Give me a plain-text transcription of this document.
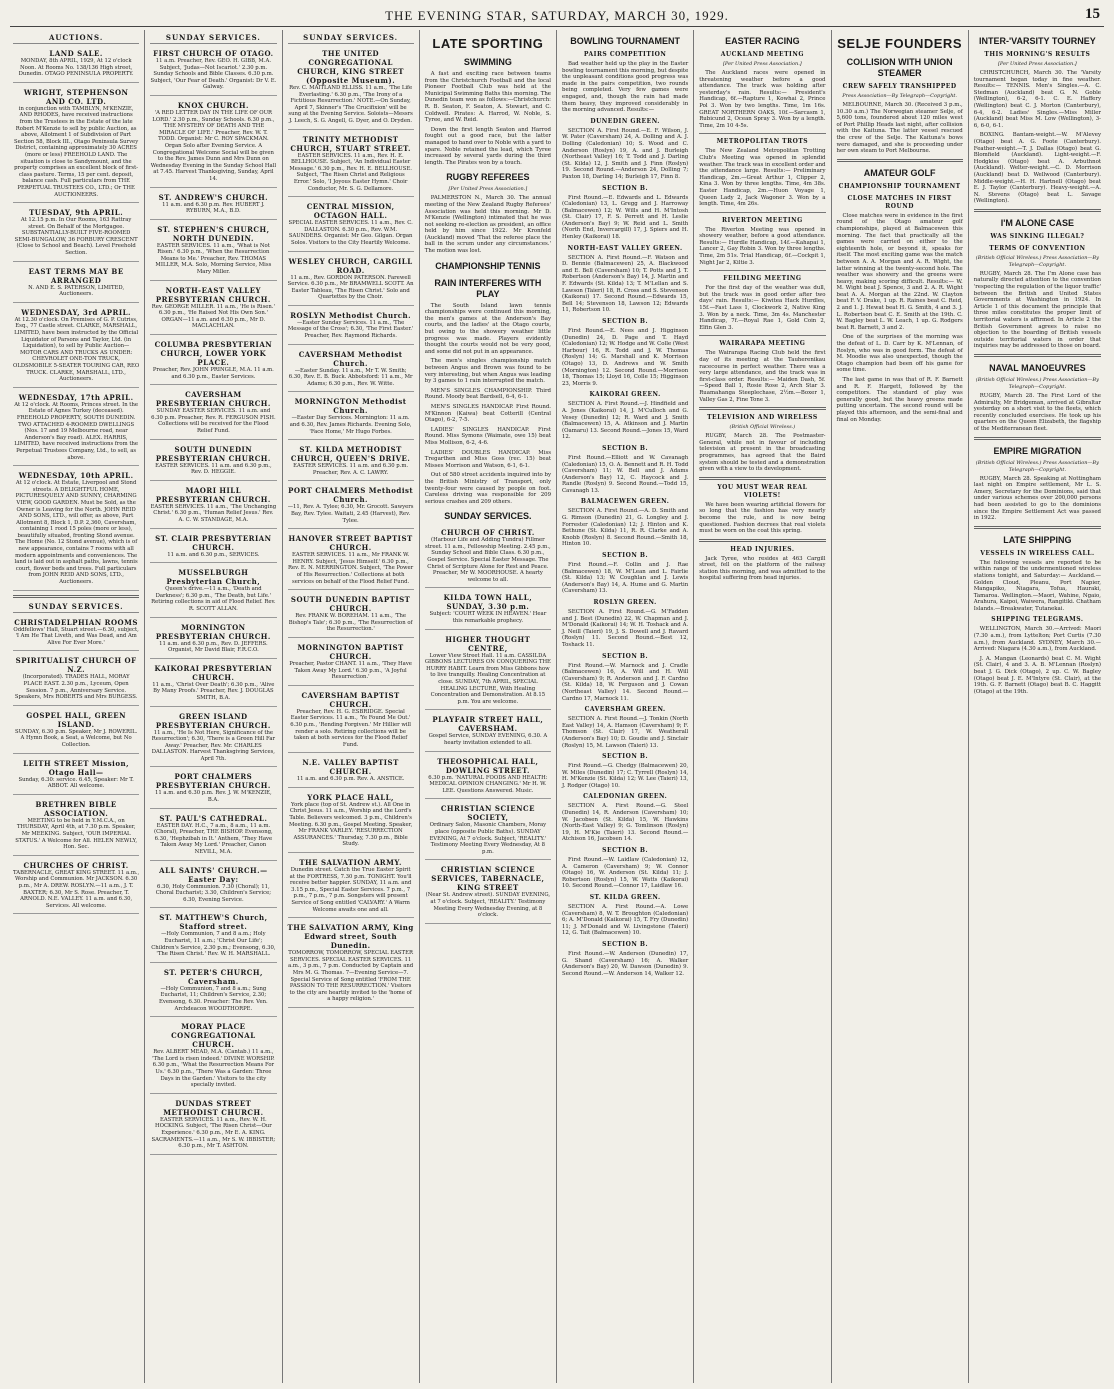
THE EVENING STAR, SATURDAY, MARCH 30, 1929.	15
AUCTIONS.
LAND SALE.
MONDAY, 8th APRIL, 1929, At 12 o'clock Noon. At Rooms No. 138/136 High street, Dunedin. OTAGO PENINSULA PROPERTY.
WRIGHT, STEPHENSON AND CO. LTD.
in conjunction with TAMBLYN, M'KENZIE, AND RHODES, have received instructions from the Trustees in the Estate of the late Robert M'Kenzie to sell by public Auction, as above, Allotment 1 of Subdivision of Part Section 58, Block III., Otago Peninsula Survey District, containing approximately 30 ACRES (more or less) FREEHOLD LAND. The situation is close to Sandymount, and the property comprises an excellent block of first-class pasture. Terms, 15 per cent. deposit, balance cash. Full particulars from THE PERPETUAL TRUSTEES CO., LTD.; Or THE AUCTIONEERS.
TUESDAY, 9th APRIL.
At 12.15 p.m. In Our Rooms, 163 Rattray street. On Behalf of the Mortgagee. SUBSTANTIALLY-BUILT FIVE-ROOMED SEMI-BUNGALOW, 36 FORBURY CRESCENT (Close to School and Beach). Level Freehold Section.
EAST TERMS MAY BE ARRANGED
N. AND E. S. PATERSON, LIMITED, Auctioneers.
WEDNESDAY, 3rd APRIL.
At 12.30 o'clock. On Premises of G. P. Cutriss, Esq., 77 Castle street. CLARKE, MARSHALL, LIMITED, have been instructed by the Official Liquidator of Parsons and Taylor, Ltd. (in Liquidation), to sell by Public Auction— MOTOR CARS AND TRUCKS AS UNDER: CHEVROLET ONE-TON TRUCK, OLDSMOBILE 5-SEATER TOURING CAR, REO TRUCK. CLARKE, MARSHALL, LTD., Auctioneers.
WEDNESDAY, 17th APRIL.
At 12 o'clock. At Rooms, Princes street. In the Estate of Agnes Turkey (deceased). FREEHOLD PROPERTY, SOUTH DUNEDIN. TWO ATTACHED 4-ROOMED DWELLINGS (Nos. 17 and 19 Melbourne road, near Anderson's Bay road). ALEX. HARRIS, LIMITED, have received instructions from the Perpetual Trustees Company, Ltd., to sell, as above.
WEDNESDAY, 10th APRIL.
At 12 o'clock. At Estate, Liverpool and Stond streets. A DELIGHTFUL HOME, PICTURESQUELY AND SUNNY, CHARMING VIEW, GOOD GARDEN. Must be Sold, as the Owner is Leaving for the North. JOHN REID AND SONS, LTD., will offer, as above, Part Allotment 8, Block 1, D.P. 2,360, Caversham, containing 1 rood 15 poles (more or less), beautifully situated, fronting Stond avenue. The Home (No. 12 Stond avenue), which is of new appearance, contains 7 rooms with all modern appointments and conveniences. The land is laid out in asphalt paths, lawns, tennis court, flower beds and trees. Full particulars from JOHN REID AND SONS, LTD., Auctioneers.
SUNDAY SERVICES.
CHRISTADELPHIAN ROOMS
Oddfellows' Hall, Stuart street.—6.30, subject, 'I Am He That Liveth, and Was Dead, and Am Alive For Ever More.'
SPIRITUALIST CHURCH OF N.Z.
(Incorporated). TRADES HALL, MORAY PLACE EAST. 2.30 p.m., Lyceum, Open Session. 7 p.m., Anniversary Service. Speakers, Mrs ROBERTS and Mrs BURGESS.
GOSPEL HALL, GREEN ISLAND.
SUNDAY, 6.30 p.m. Speaker, Mr J. ROWERIL. A Hymn Book, a Seat, a Welcome, but No Collection.
LEITH STREET Mission, Otago Hall—
Sunday, 6.30: service. 6.45, Speaker: Mr T. ABBOT. All welcome.
BRETHREN BIBLE ASSOCIATION.
MEETING to be held in Y.M.C.A., on THURSDAY, April 4th, at 7.30 p.m. Speaker, Mr MEEKING. Subject, 'OUR IMPERIAL STATUS.' A Welcome for All. HELEN NEWLY, Hon. Sec.
CHURCHES OF CHRIST.
TABERNACLE, GREAT KING STREET. 11 a.m., Worship and Communion. Mr JACKSON. 6.30 p.m., Mr A. DREW. ROSLYN.—11 a.m., J. T. BAXTER; 6.30, Mr S. Rose. Preacher, T. ARNOLD. N.E. VALLEY. 11 a.m. and 6.30, Services. All welcome.
SUNDAY SERVICES.
FIRST CHURCH OF OTAGO.
11 a.m. Preacher, Rev. GEO. H. GIBB, M.A. Subject, 'Judas—Not Iscariot.' 2.30 p.m. Sunday Schools and Bible Classes. 6.30 p.m. Subject, 'Our Fear of Death.' Organist: Dr V. E. Galway.
KNOX CHURCH.
'A RED LETTER DAY IN THE LIFE OF OUR LORD.' 2.30 p.m., Sunday Schools. 6.30 p.m., 'THE MYSTERY OF DEATH AND THE MIRACLE OF LIFE.' Preacher, Rev. W. T. TODD. Organist: Mr C. ROY SPACKMAN. Organ Solo after Evening Service. A Congregational Welcome Social will be given to the Rev. James Dunn and Mrs Dunn on Wednesday Evening in the Sunday School Hall at 7.45. Harvest Thanksgiving, Sunday, April 14.
ST. ANDREW'S CHURCH.
11 a.m. and 6.30 p.m. Rev. HUBERT J. RYBURN, M.A., B.D.
ST. STEPHEN'S CHURCH, NORTH DUNEDIN.
EASTER SERVICES. 11 a.m., 'What is Not Risen.' 6.30 p.m., 'When the Resurrection Means to Me.' Preacher, Rev. THOMAS MILLER, M.A. Solo, Morning Service, Miss Mary Miller.
NORTH-EAST VALLEY PRESBYTERIAN CHURCH.
Rev. GEORGE MILLER. 11 a.m., 'He is Risen.' 6.30 p.m., 'He Raised Not His Own Son.' ORGAN—11 a.m. and 6.30 p.m., Mr D. MACLACHLAN.
COLUMBA PRESBYTERIAN CHURCH, LOWER YORK PLACE.
Preacher, Rev. JOHN PRINGLE, M.A. 11 a.m. and 6.30 p.m., Easter Services.
CAVERSHAM PRESBYTERIAN CHURCH.
SUNDAY EASTER SERVICES. 11 a.m. and 6.30 p.m. Preacher, Rev. R. FERGUSON FISH. Collections will be received for the Flood Relief Fund.
SOUTH DUNEDIN PRESBYTERIAN CHURCH.
EASTER SERVICES. 11 a.m. and 6.30 p.m., Rev. D. HEGGIE.
MAORI HILL PRESBYTERIAN CHURCH.
EASTER SERVICES. 11 a.m., 'The Unchanging Christ.' 6.30 p.m., 'Human Relief Jesus.' Rev. A. C. W. STANDAGE, M.A.
ST. CLAIR PRESBYTERIAN CHURCH.
11 a.m. and 6.30 p.m., SERVICES.
MUSSELBURGH Presbyterian Church,
Queen's drive.—11 a.m., 'Death and Darkness'; 6.30 p.m., 'The Death, but Life.' Retiring collections in aid of Flood Relief. Rev. R. SCOTT ALLAN.
MORNINGTON PRESBYTERIAN CHURCH.
11 a.m. and 6.30 p.m., Rev. D. JEFFERS. Organist, Mr David Blair, F.R.C.O.
KAIKORAI PRESBYTERIAN CHURCH.
11 a.m., 'Christ Over Death'; 6.30 p.m., 'Alive By Many Proofs.' Preacher, Rev. J. DOUGLAS SMITH, B.A.
GREEN ISLAND PRESBYTERIAN CHURCH.
11 a.m., 'He Is Not Here, Significance of the Resurrection'; 6.30, 'There is a Green Hill Far Away.' Preacher, Rev. Mr. CHARLES DALLASTON. Harvest Thanksgiving Services, April 7th.
PORT CHALMERS PRESBYTERIAN CHURCH.
11 a.m. and 6.30 p.m. Rev. J. W. M'KENZIE, B.A.
ST. PAUL'S CATHEDRAL.
EASTER DAY. H.C., 7 a.m., 8 a.m., 11 a.m. (Choral), Preacher, THE BISHOP. Evensong, 6.30, 'Hephzibah in It.' Anthem, 'They Have Taken Away My Lord.' Preacher, Canon NEVILL, M.A.
ALL SAINTS' CHURCH.—Easter Day:
6.30, Holy Communion. 7.30 (Choral); 11, Choral Eucharist; 3.30, Children's Service; 6.30, Evening Service.
ST. MATTHEW'S Church, Stafford street.
—Holy Communion, 7 and 8 a.m.; Holy Eucharist, 11 a.m.; 'Christ Our Life'; Children's Service, 2.30 p.m.; Evensong, 6.30, 'The Risen Christ.' Rev. W. H. MARSHALL.
ST. PETER'S CHURCH, Caversham.
—Holy Communion, 7 and 8 a.m.; Sung Eucharist, 11; Children's Service, 2.30; Evensong, 6.30. Preacher: The Rev. Ven. Archdeacon WOODTHORPE.
MORAY PLACE CONGREGATIONAL CHURCH.
Rev. ALBERT MEAD, M.A. (Cantab.) 11 a.m., 'The Lord is risen indeed.' DIVINE WORSHIP. 6.30 p.m., 'What the Resurrection Means For Us.' 6.30 p.m., 'There Was a Garden: Three Days in the Garden.' Visitors to the city specially invited.
DUNDAS STREET METHODIST CHURCH.
EASTER SERVICES. 11 a.m., Rev. W. H. HOCKING. Subject, 'The Risen Christ—Our Experience.' 6.30 p.m., Mr E. A. KING. SACRAMENTS.—11 a.m., Mr S. W. IBBISTER; 6.30 p.m., Mr T. ASHTON.
SUNDAY SERVICES.
THE UNITED CONGREGATIONAL CHURCH, KING STREET (Opposite Museum).
Rev. C. MAITLAND ELLISS. 11 a.m., 'The Life Everlasting.' 6.30 p.m., 'The Irony of a Fictitious Resurrection.' NOTE.—On Sunday, April 7, Skinner's 'The Crucifixion' will be sung at the Evening Service. Soloists—Messrs J. Leech, S. G. Angell, G. Dyer, and O. Dryden.
TRINITY METHODIST CHURCH, STUART STREET.
EASTER SERVICES. 11 a.m., Rev. H. E. BELLHOUSE. Subject, 'An Individual Easter Message.' 6.30 p.m., Rev. H. E. BELLHOUSE. Subject, 'The Risen Christ and Religious Error.' Solo, 'I Joyous Easter Hymn.' Choir Conductor, Mr. S. G. Dellamore.
CENTRAL MISSION, OCTAGON HALL.
SPECIAL EASTER SERVICES. 11 a.m., Rev. C. DALLASTON. 6.30 p.m., Rev. W.M. SAUNDERS. Organist: Mr Geo. Gilgan. Organ Solos. Visitors to the City Heartily Welcome.
WESLEY CHURCH, CARGILL ROAD.
11 a.m., Rev. GORDON PATERSON. Farewell Service. 6.30 p.m., Mr BRAMWELL SCOTT. An Easter Tableau, 'The Risen Christ.' Solo and Quartettes by the Choir.
ROSLYN Methodist Church.
—Easter Sunday Services. 11 a.m., 'The Message of the Cross'; 6.30, 'The First Easter.' Preacher, Rev. Raymond Richards.
CAVERSHAM Methodist Church.
—Easter Sunday. 11 a.m., Mr T. W. Smith; 6.30, Rev. E. B. Buck. Abbotsford: 11 a.m., Mr Adams; 6.30 p.m., Rev. W. Witte.
MORNINGTON Methodist Church.
—Easter Day Services. Mornington: 11 a.m. and 6.30, Rev. James Richards. Evening Solo, 'Face Home,' Mr Hugo Forbes.
ST. KILDA METHODIST CHURCH, QUEEN'S DRIVE.
EASTER SERVICES. 11 a.m. and 6.30 p.m. Preacher, Rev. A. C. LAWRY.
PORT CHALMERS Methodist Church.
—11, Rev. A. Tylee; 6.30, Mr. Grocott. Sawyers Bay, Rev. Tylee. Waitati, 2.45 (Harvest), Rev. Tylee.
HANOVER STREET BAPTIST CHURCH.
EASTER SERVICES. 11 a.m., Mr FRANK W. HENRY. Subject, 'Jesus Himself.' 6.30 p.m., Rev. E. N. MERRINGTON. Subject, 'The Power of His Resurrection.' Collections at both services on behalf of the Flood Relief Fund.
SOUTH DUNEDIN BAPTIST CHURCH.
Rev. FRANK W. BOREHAM. 11 a.m., 'The Bishop's Tale'; 6.30 p.m., 'The Resurrection of the Resurrection.'
MORNINGTON BAPTIST CHURCH.
Preacher, Pastor CHANT. 11 a.m., 'They Have Taken Away My Lord.' 6.30 p.m., 'A Joyful Resurrection.'
CAVERSHAM BAPTIST CHURCH.
Preacher, Rev. H. G. ESBRIDGE. Special Easter Services. 11 a.m., 'Ye Found Me Out.' 6.30 p.m., 'Rending Forgiven.' Mr Hillier will render a solo. Retiring collections will be taken at both services for the Flood Relief Fund.
N.E. VALLEY BAPTIST CHURCH.
11 a.m. and 6.30 p.m. Rev. A. ANSTICE.
YORK PLACE HALL,
York place (top of St. Andrew st.). All One in Christ Jesus. 11 a.m., Worship and the Lord's Table. Believers welcomed. 3 p.m., Children's Meeting. 6.30 p.m., Gospel Meeting. Speaker, Mr FRANK VARLEY. 'RESURRECTION ASSURANCES.' Thursday, 7.30 p.m., Bible Study.
THE SALVATION ARMY.
Dunedin street. Catch the True Easter Spirit at the FORTRESS, 7.30 p.m. TONIGHT. You'll receive better happier. SUNDAY, 11 a.m. and 3.15 p.m., Special Easter Services. 7 p.m., 7 p.m., 7 p.m., 7 p.m. Songsters will present Service of Song entitled 'CALVARY.' A Warm Welcome awaits one and all.
THE SALVATION ARMY, King Edward street, South Dunedin.
TOMORROW, TOMORROW, SPECIAL EASTER SERVICES. SPECIAL EASTER SERVICES. 11 a.m., 3 p.m., 7 p.m. Conducted by Captain and Mrs M. G. Thomas. 7—Evening Service—7. Special Service of Song entitled 'FROM THE PASSION TO THE RESURRECTION.' Visitors to the city are heartily invited to the 'home of a happy religion.'
LATE SPORTING
SWIMMING

A fast and exciting race between teams from the Christchurch Football and the local Pioneer Football Club was held at the Municipal Swimming Baths this morning. The Dunedin team won as follows:—Christchurch: R. B. Seaton, F. Seaton, A. Stewart, and C. Coldwell. Pirates: A. Harrod, W. Noble, S. Tyree, and W. Reid.

Down the first length Seaton and Harrod fought out a good race, but the latter managed to hand over to Noble with a yard to spare. Noble retained the lead, which Tyree increased by several yards during the third length. The Pirates won by a touch.

RUGBY REFEREES
[Per United Press Association.]

PALMERSTON N., March 30. The annual meeting of the New Zealand Rugby Referees' Association was held this morning. Mr D. M'Kenzie (Wellington) intimated that he was not seeking re-election as president, an office held by him since 1922. Mr Kronfeld (Auckland) moved 'That the referee place the ball in the scrum under any circumstances.' The motion was lost.

CHAMPIONSHIP TENNIS
RAIN INTERFERES WITH PLAY

The South Island lawn tennis championships were continued this morning, the men's games at the Anderson's Bay courts, and the ladies' at the Otago courts, but owing to the showery weather little progress was made. Players evidently thought the courts would not be very good, and some did not put in an appearance.

The men's singles championship match between Angus and Brown was found to be very interesting, but when Angus was leading by 3 games to 1 rain interrupted the match.

MEN'S SINGLES CHAMPIONSHIP. Third Round. Moody beat Bardsell, 6-4, 6-1.

MEN'S SINGLES HANDICAP. First Round. M'Kinnon (Kaiwa) beat Cotterill (Central Otago), 6-2, 7-5.

LADIES' SINGLES HANDICAP. First Round. Miss Symons (Waimate, owe 15) beat Miss Mollison, 6-2, 4-6.

LADIES' DOUBLES HANDICAP. Miss Tregarthen and Miss Goss (rec. 15) beat Misses Morrison and Watson, 6-1, 6-1.

Out of 580 street accidents inquired into by the British Ministry of Transport, only twenty-four were caused by people on foot. Careless driving was responsible for 209 serious crashes and 209 others.

SUNDAY SERVICES.
CHURCH OF CHRIST.
(Harbour Life and Adding Tundra) Fillmer street. 11 a.m., Fellowship Meeting. 2.45 p.m., Sunday School and Bible Class. 6.30 p.m., Gospel Service. Special Easter Message. The Christ of Scripture Alone for Rest and Peace. Preacher, Mr W. MOORHOUSE. A hearty welcome to all.
KILDA TOWN HALL, SUNDAY, 3.30 p.m.
Subject: 'COURT WEEK IN HEAVEN.' Hear this remarkable prophecy.
HIGHER THOUGHT CENTRE,
Lower View Street Hall. 11 a.m. CASSILDA GIBBONS LECTURES ON CONQUERING THE HURRY HABIT. Learn from Miss Gibbons how to live tranquilly. Healing Concentration at close. SUNDAY, 7th APRIL, SPECIAL HEALING LECTURE, With Healing Concentration and Demonstration. At 8.15 p.m. You are welcome.
PLAYFAIR STREET HALL, CAVERSHAM.
Gospel Service, SUNDAY EVENING, 6.30. A hearty invitation extended to all.
THEOSOPHICAL HALL, DOWLING STREET.
6.30 p.m. 'NATURAL FOODS AND HEALTH: MEDICAL OPINION CHANGING.' Mr H. W. LEE. Questions Answered. Music.
CHRISTIAN SCIENCE SOCIETY,
Ordinary Salon, Masonic Chambers, Moray place (opposite Public Baths). SUNDAY EVENING, At 7 o'clock. Subject, 'REALITY.' Testimony Meeting Every Wednesday, At 8 p.m.
CHRISTIAN SCIENCE SERVICES, TABERNACLE, KING STREET
(Near St. Andrew street). SUNDAY EVENING, at 7 o'clock. Subject, 'REALITY.' Testimony Meeting Every Wednesday Evening, at 8 o'clock.
BOWLING TOURNAMENT
PAIRS COMPETITION

Bad weather held up the play in the Easter bowling tournament this morning, but despite the unpleasant conditions good progress was made in the pairs competition, two rounds being completed. Very few games were engaged, and, though the rain had made them heavy, they improved considerably in the morning advanced. Results:—

DUNEDIN GREEN.

SECTION A. First Round.—E. F. Wilson, J. W. Pater (Caversham) 24, A. Dolling and A. J. Dolling (Caledonian) 10; S. Wood and C. Anderson (Roslyn) 19, A. and J. Burleigh (Northeast Valley) 16; T. Todd and J. Darling (St. Kilda) 12, J. Smith and J. Finn (Roslyn) 19. Second Round.—Anderson 24, Dolling 7; Paxton 18, Darling 14; Burleigh 17, Finn 8.

SECTION B.

First Round.—E. Edwards and L. Edwards (Caledonian) 13, L. Gregg and J. Harroway (Balmacewen) 12; W. Wills and H. M'Intosh (St. Clair) 17, F. S. Perrett and H. Leslie (Anderson's Bay) 9; W. Reid and L. Smith (North End, Invercargill) 17, J. Spiers and H. Henley (Kaikorai) 18.

NORTH-EAST VALLEY GREEN.

SECTION A. First Round.—F. Watson and D. Bennie (Balmacewen) 25, A. Blackwood and E. Bell (Caversham) 10; T. Potts and J. T. Robertson (Anderson's Bay) 14, J. Martin and F. Edwards (St. Kilda) 13; T. M'Lellan and S. Lawson (Taieri) 18, R. Cross and S. Stevenson (Kaikorai) 17. Second Round.—Edwards 15, Bell 14; Stevenson 18, Lawson 12; Edwards 11, Robertson 10.

SECTION B.

First Round.—E. Nees and J. Higginson (Dunedin) 24, D. Page and T. Hayd (Caledonian) 12; W. Hodge and W. Colle (West Harbour) 16, R. Todd and J. W. Thomas (Roslyn) 14; G. Marshall and K. Morrison (Otago) 13, D. Andrews and W. Smith (Mornington) 12. Second Round.—Morrison 18, Thomas 15; Lloyd 16, Colle 15; Higginson 23, Morris 9.

KAIKORAI GREEN.

SECTION A. First Round.—J. Hindfield and A. Jones (Kaikorai) 14, J. M'Culloch and G. Vesey (Dunedin) 12; R. Ward and J. Smith (Balmacewen) 15, A. Atkinson and J. Martin (Oamaru) 13. Second Round.—Jones 15, Ward 12.

SECTION B.

First Round.—Elliott and W. Cavanagh (Caledonian) 15, O. A. Bennett and R. H. Todd (Caversham) 11; W. Bell and J. Adams (Anderson's Bay) 12, C. Haycock and J. Randle (Roslyn) 9. Second Round.—Todd 15, Cavanagh 13.

BALMACEWEN GREEN.

SECTION A. First Round.—A. D. Smith and G. Rimson (Dunedin) 21, G. Longley and J. Forrester (Caledonian) 12; J. Hinton and K. Bethune (St. Kilda) 11, R. R. Clarke and A. Knobb (Roslyn) 8. Second Round.—Smith 18, Hinton 10.

SECTION B.

First Round.—F. Collin and J. Rae (Balmacewen) 18, W. M'Lean and L. Fairlie (St. Kilda) 13; W. Coughlan and J. Lewis (Anderson's Bay) 14, A. Hume and G. Martin (Caversham) 13.

ROSLYN GREEN.

SECTION A. First Round.—G. M'Fadden and J. Best (Dunedin) 22, W. Chapman and J. M'Donald (Kaikorai) 14; W. H. Toshack and A. J. Neill (Taieri) 19, J. S. Dowell and J. Ravard (Roslyn) 11. Second Round.—Best 12, Toshack 11.

SECTION B.

First Round.—W. Marnock and J. Cradle (Balmacewen) 16, A. Will and H. Will (Caversham) 9; R. Anderson and J. F. Cardno (St. Kilda) 18, W. Ferguson and J. Cowan (Northeast Valley) 14. Second Round.—Cardno 17, Marnock 11.

CAVERSHAM GREEN.

SECTION A. First Round.—J. Tonkin (North East Valley) 14, A. Hamson (Caversham) 9; F. Thomson (St. Clair) 17, W. Weatherall (Anderson's Bay) 10; D. Goudie and J. Sinclair (Roslyn) 15, M. Lawson (Taieri) 13.

SECTION B.

First Round.—G. Chedgy (Balmacewen) 20, W. Miles (Dunedin) 17; C. Tyrrell (Roslyn) 14, H. M'Kenzie (St. Kilda) 12; W. Lee (Taieri) 13, J. Rodger (Otago) 10.

CALEDONIAN GREEN.

SECTION A. First Round.—G. Steel (Dunedin) 14, R. Anderson (Caversham) 10; W. Jacobsen (St. Kilda) 15, W. Hawkins (North-East Valley) 9; G. Tomlinson (Roslyn) 19, H. M'Kie (Taieri) 13. Second Round.—Atchison 16, Jacobsen 14.

SECTION B.

First Round.—W. Laidlaw (Caledonian) 12, A. Cameron (Caversham) 9; W. Connor (Otago) 16, W. Anderson (St. Kilda) 11; J. Robertson (Roslyn) 15, W. Watts (Kaikorai) 10. Second Round.—Connor 17, Laidlaw 16.

ST. KILDA GREEN.

SECTION A. First Round.—A. Lowe (Caversham) 8, W. T. Broughton (Caledonian) 6; A. M'Donald (Kaikorai) 15, T. Fry (Dunedin) 11; J. M'Donald and W. Livingstone (Taieri) 12, G. Tait (Balmacewen) 10.

SECTION B.

First Round.—W. Anderson (Dunedin) 17, G. Shand (Caversham) 16; A. Walker (Anderson's Bay) 20, W. Dawson (Dunedin) 9. Second Round.—W. Anderson 14, Walker 12.

EASTER RACING
AUCKLAND MEETING
[Per United Press Association.]

The Auckland races were opened in threatening weather before a good attendance. The track was holding after yesterday's rain. Results:— President's Handicap, 6f.—Rapture 1, Kowhai 2, Prince Pol 3. Won by two lengths. Time, 1m 16s. GREAT NORTHERN OAKS, 10f.—Sarcasm 1, Rubicund 2, Ocean Spray 3. Won by a length. Time, 2m 10 4-5s.

METROPOLITAN TROTS

The New Zealand Metropolitan Trotting Club's Meeting was opened in splendid weather. The track was in excellent order and the attendance large. Results:— Preliminary Handicap, 2m.—Great Arthur 1, Clipper 2, Kina 3. Won by three lengths. Time, 4m 38s. Easter Handicap, 2m.—Huon Voyage 1, Queen Lady 2, Jack Wagoner 3. Won by a length. Time, 4m 26s.

RIVERTON MEETING

The Riverton Meeting was opened in showery weather, before a good attendance. Results:— Hurdle Handicap, 14f.—Kahapai 1, Lancer 2, Gay Robin 3. Won by three lengths. Time, 2m 51s. Trial Handicap, 6f.—Cockpit 1, Night Jar 2, Kiltie 3.

FEILDING MEETING

For the first day of the weather was dull, but the track was in good order after two days' rain. Results:— Kiwitea Hack Hurdles, 15f.—Fast Lass 1, Clockwork 2, Native King 3. Won by a neck. Time, 3m 4s. Manchester Handicap, 7f.—Royal Rae 1, Gold Coin 2, Elfin Glen 3.

WAIRARAPA MEETING

The Wairarapa Racing Club held the first day of its meeting at the Tauherenikau racecourse in perfect weather. There was a very large attendance, and the track was in first-class order. Results:— Maiden Dash, 5f.—Speed Ball 1, Rosie Rose 2, Arch Star 3. Ruamahanga Steeplechase, 2½m.—Boxer 1, Valley Gas 2, Fine Tone 3.

TELEVISION AND WIRELESS
(British Official Wireless.)

RUGBY, March 28. The Postmaster-General, while not in favour of including television at present in the broadcasting programmes, has agreed that the Baird system should be tested and a demonstration given with a view to its development.

YOU MUST WEAR REAL VIOLETS!

We have been wearing artificial flowers for so long that the fashion has very nearly become the rule, and is now being questioned. Fashion decrees that real violets must be worn on the coat this spring.

HEAD INJURIES.

Jack Tyree, who resides at 463 Cargill street, fell on the platform of the railway station this morning, and was admitted to the hospital suffering from head injuries.

SELJE FOUNDERS
COLLISION WITH UNION STEAMER
CREW SAFELY TRANSHIPPED
Press Association—By Telegraph—Copyright.

MELBOURNE, March 30. (Received 3 p.m., 10.30 a.m.) The Norwegian steamer Selje, of 5,600 tons, foundered about 120 miles west of Port Phillip Heads last night, after collision with the Kaituna. The latter vessel rescued the crew of the Selje. The Kaituna's bows were damaged, and she is proceeding under her own steam to Port Melbourne.

AMATEUR GOLF
CHAMPIONSHIP TOURNAMENT
CLOSE MATCHES IN FIRST ROUND

Close matches were in evidence in the first round of the Otago amateur golf championships, played at Balmacewen this morning. The fact that practically all the games were carried on either to the eighteenth hole, or beyond it, speaks for itself. The most exciting game was the match between A. A. Morgan and A. R. Wight, the latter winning at the twenty-second hole. The weather was showery and the greens were heavy, making scoring difficult. Results:— W. M. Wight beat J. Spence, 3 and 2. A. R. Wight beat A. A. Morgan at the 22nd. W. Clayton beat F. V. Drake, 1 up. R. Raines beat C. Reid, 2 and 1. J. Hewat beat H. G. Smith, 4 and 3. J. L. Robertson beat C. E. Smith at the 19th. C. W. Bagley beat L. W. Leach, 1 up. G. Rodgers beat R. Barnett, 3 and 2.

One of the surprises of the morning was the defeat of L. D. Carr by K. M'Lennan, of Roslyn, who was in good form. The defeat of M. Moodie was also unexpected, though the Otago champion had been off his game for some time.

The last game in was that of R. F. Barnett and R. F. Hargett, followed by the competitors. The standard of play was generally good, but the heavy greens made putting uncertain. The second round will be played this afternoon, and the semi-final and final on Monday.

INTER-'VARSITY TOURNEY
THIS MORNING'S RESULTS
[Per United Press Association.]

CHRISTCHURCH, March 30. The 'Varsity tournament began today in fine weather. Results:— TENNIS. Men's Singles.—A. C. Stedman (Auckland) beat G. N. Goble (Wellington), 6-2, 6-1. C. E. Haffery (Wellington) beat C. J. Morton (Canterbury), 6-4, 6-2. Ladies' Singles.—Miss Miller (Auckland) beat Miss M. Low (Wellington), 3-6, 6-0, 6-1.

BOXING. Bantam-weight.—W. M'Alevey (Otago) beat A. G. Foote (Canterbury). Feather-weight.—T. J. Dallas (Otago) beat G. Blomfield (Auckland). Light-weight.—F. Hodgkiss (Otago) beat A. Arbuthnot (Auckland). Welter-weight.—C. D. Morrison (Auckland) beat D. Wellwood (Canterbury). Middle-weight.—H. H. Hartnell (Otago) beat E. J. Taylor (Canterbury). Heavy-weight.—A. N. Stevens (Otago) beat L. Savage (Wellington).

I'M ALONE CASE
WAS SINKING ILLEGAL?
TERMS OF CONVENTION
(British Official Wireless.) Press Association—By Telegraph—Copyright.

RUGBY, March 28. The I'm Alone case has naturally directed attention to the convention 'respecting the regulation of the liquor traffic' between the British and United States Governments at Washington in 1924. In Article 1 of this document the principle that three miles constitutes the proper limit of territorial waters is affirmed. In Article 2 the British Government agrees to raise no objection to the boarding of British vessels outside territorial waters in order that inquiries may be addressed to those on board.

NAVAL MANOEUVRES
(British Official Wireless.) Press Association—By Telegraph—Copyright.

RUGBY, March 28. The First Lord of the Admiralty, Mr Bridgeman, arrived at Gibraltar yesterday on a short visit to the fleets, which recently concluded exercises. He took up his quarters on the Queen Elizabeth, the flagship of the Mediterranean fleet.

EMPIRE MIGRATION
(British Official Wireless.) Press Association—By Telegraph—Copyright.

RUGBY, March 28. Speaking at Nottingham last night on Empire settlement, Mr L. S. Amery, Secretary for the Dominions, said that under various schemes over 200,000 persons had been assisted to go to the dominions since the Empire Settlement Act was passed in 1922.

LATE SHIPPING
VESSELS IN WIRELESS CALL.

The following vessels are reported to be within range of the undermentioned wireless stations tonight, and Saturday:— Auckland.—Golden Cloud, Pleanu, Port Napier, Mangapiko, Niagara, Tofua, Hauraki, Tamaroa. Wellington.—Maori, Wahine, Ngaio, Arahura, Kaipoi, Waiwera, Rangitiki. Chatham Islands.—Breakwater, Tutanekai.

SHIPPING TELEGRAMS.

WELLINGTON, March 30.—Arrived: Maori (7.30 a.m.), from Lyttelton; Port Curtis (7.30 a.m.), from Auckland. SYDNEY, March 30.—Arrived: Niagara (4.30 a.m.), from Auckland.

J. A. Mangan (Leonards) beat C. M. Wight (St. Clair), 4 and 3. A. B. M'Lennan (Roslyn) beat J. G. Dick (Otago), 2 up. C. W. Bagley (Otago) beat J. E. M'Intyre (St. Clair), at the 19th. G. F. Barnett (Otago) beat B. C. Haggitt (Otago) at the 19th.
